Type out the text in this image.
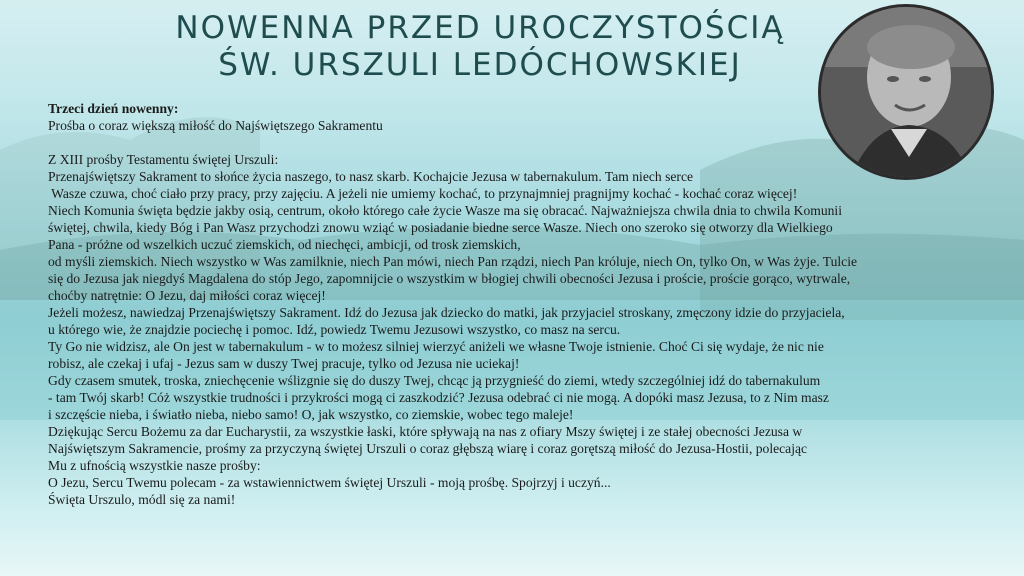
NOWENNA PRZED UROCZYSTOŚCIĄ
ŚW. URSZULI LEDÓCHOWSKIEJ

Trzeci dzień nowenny:

Prośba o coraz większą miłość do Najświętszego Sakramentu

Z XIII prośby Testamentu świętej Urszuli:

Przenajświętszy Sakrament to słońce życia naszego, to nasz skarb. Kochajcie Jezusa w tabernakulum. Tam niech serce

Wasze czuwa, choć ciało przy pracy, przy zajęciu. A jeżeli nie umiemy kochać, to przynajmniej pragnijmy kochać - kochać coraz więcej!

Niech Komunia święta będzie jakby osią, centrum, około którego całe życie Wasze ma się obracać. Najważniejsza chwila dnia to chwila Komunii

świętej, chwila, kiedy Bóg i Pan Wasz przychodzi znowu wziąć w posiadanie biedne serce Wasze. Niech ono szeroko się otworzy dla Wielkiego

Pana - próżne od wszelkich uczuć ziemskich, od niechęci, ambicji, od trosk ziemskich,

od myśli ziemskich. Niech wszystko w Was zamilknie, niech Pan mówi, niech Pan rządzi, niech Pan króluje, niech On, tylko On, w Was żyje. Tulcie

się do Jezusa jak niegdyś Magdalena do stóp Jego, zapomnijcie o wszystkim w błogiej chwili obecności Jezusa i proście, proście gorąco, wytrwale,

choćby natrętnie: O Jezu, daj miłości coraz więcej!

Jeżeli możesz, nawiedzaj Przenajświętszy Sakrament. Idź do Jezusa jak dziecko do matki, jak przyjaciel stroskany, zmęczony idzie do przyjaciela,

u którego wie, że znajdzie pociechę i pomoc. Idź, powiedz Twemu Jezusowi wszystko, co masz na sercu.

Ty Go nie widzisz, ale On jest w tabernakulum - w to możesz silniej wierzyć aniżeli we własne Twoje istnienie. Choć Ci się wydaje, że nic nie

robisz, ale czekaj i ufaj - Jezus sam w duszy Twej pracuje, tylko od Jezusa nie uciekaj!

Gdy czasem smutek, troska, zniechęcenie wślizgnie się do duszy Twej, chcąc ją przygnieść do ziemi, wtedy szczególniej idź do tabernakulum

- tam Twój skarb! Cóż wszystkie trudności i przykrości mogą ci zaszkodzić? Jezusa odebrać ci nie mogą. A dopóki masz Jezusa, to z Nim masz

i szczęście nieba, i światło nieba, niebo samo! O, jak wszystko, co ziemskie, wobec tego maleje!

Dziękując Sercu Bożemu za dar Eucharystii, za wszystkie łaski, które spływają na nas z ofiary Mszy świętej i ze stałej obecności Jezusa w

Najświętszym Sakramencie, prośmy za przyczyną świętej Urszuli o coraz głębszą wiarę i coraz gorętszą miłość do Jezusa-Hostii, polecając

Mu z ufnością wszystkie nasze prośby:

O Jezu, Sercu Twemu polecam - za wstawiennictwem świętej Urszuli - moją prośbę. Spojrzyj i uczyń...

Święta Urszulo, módl się za nami!
